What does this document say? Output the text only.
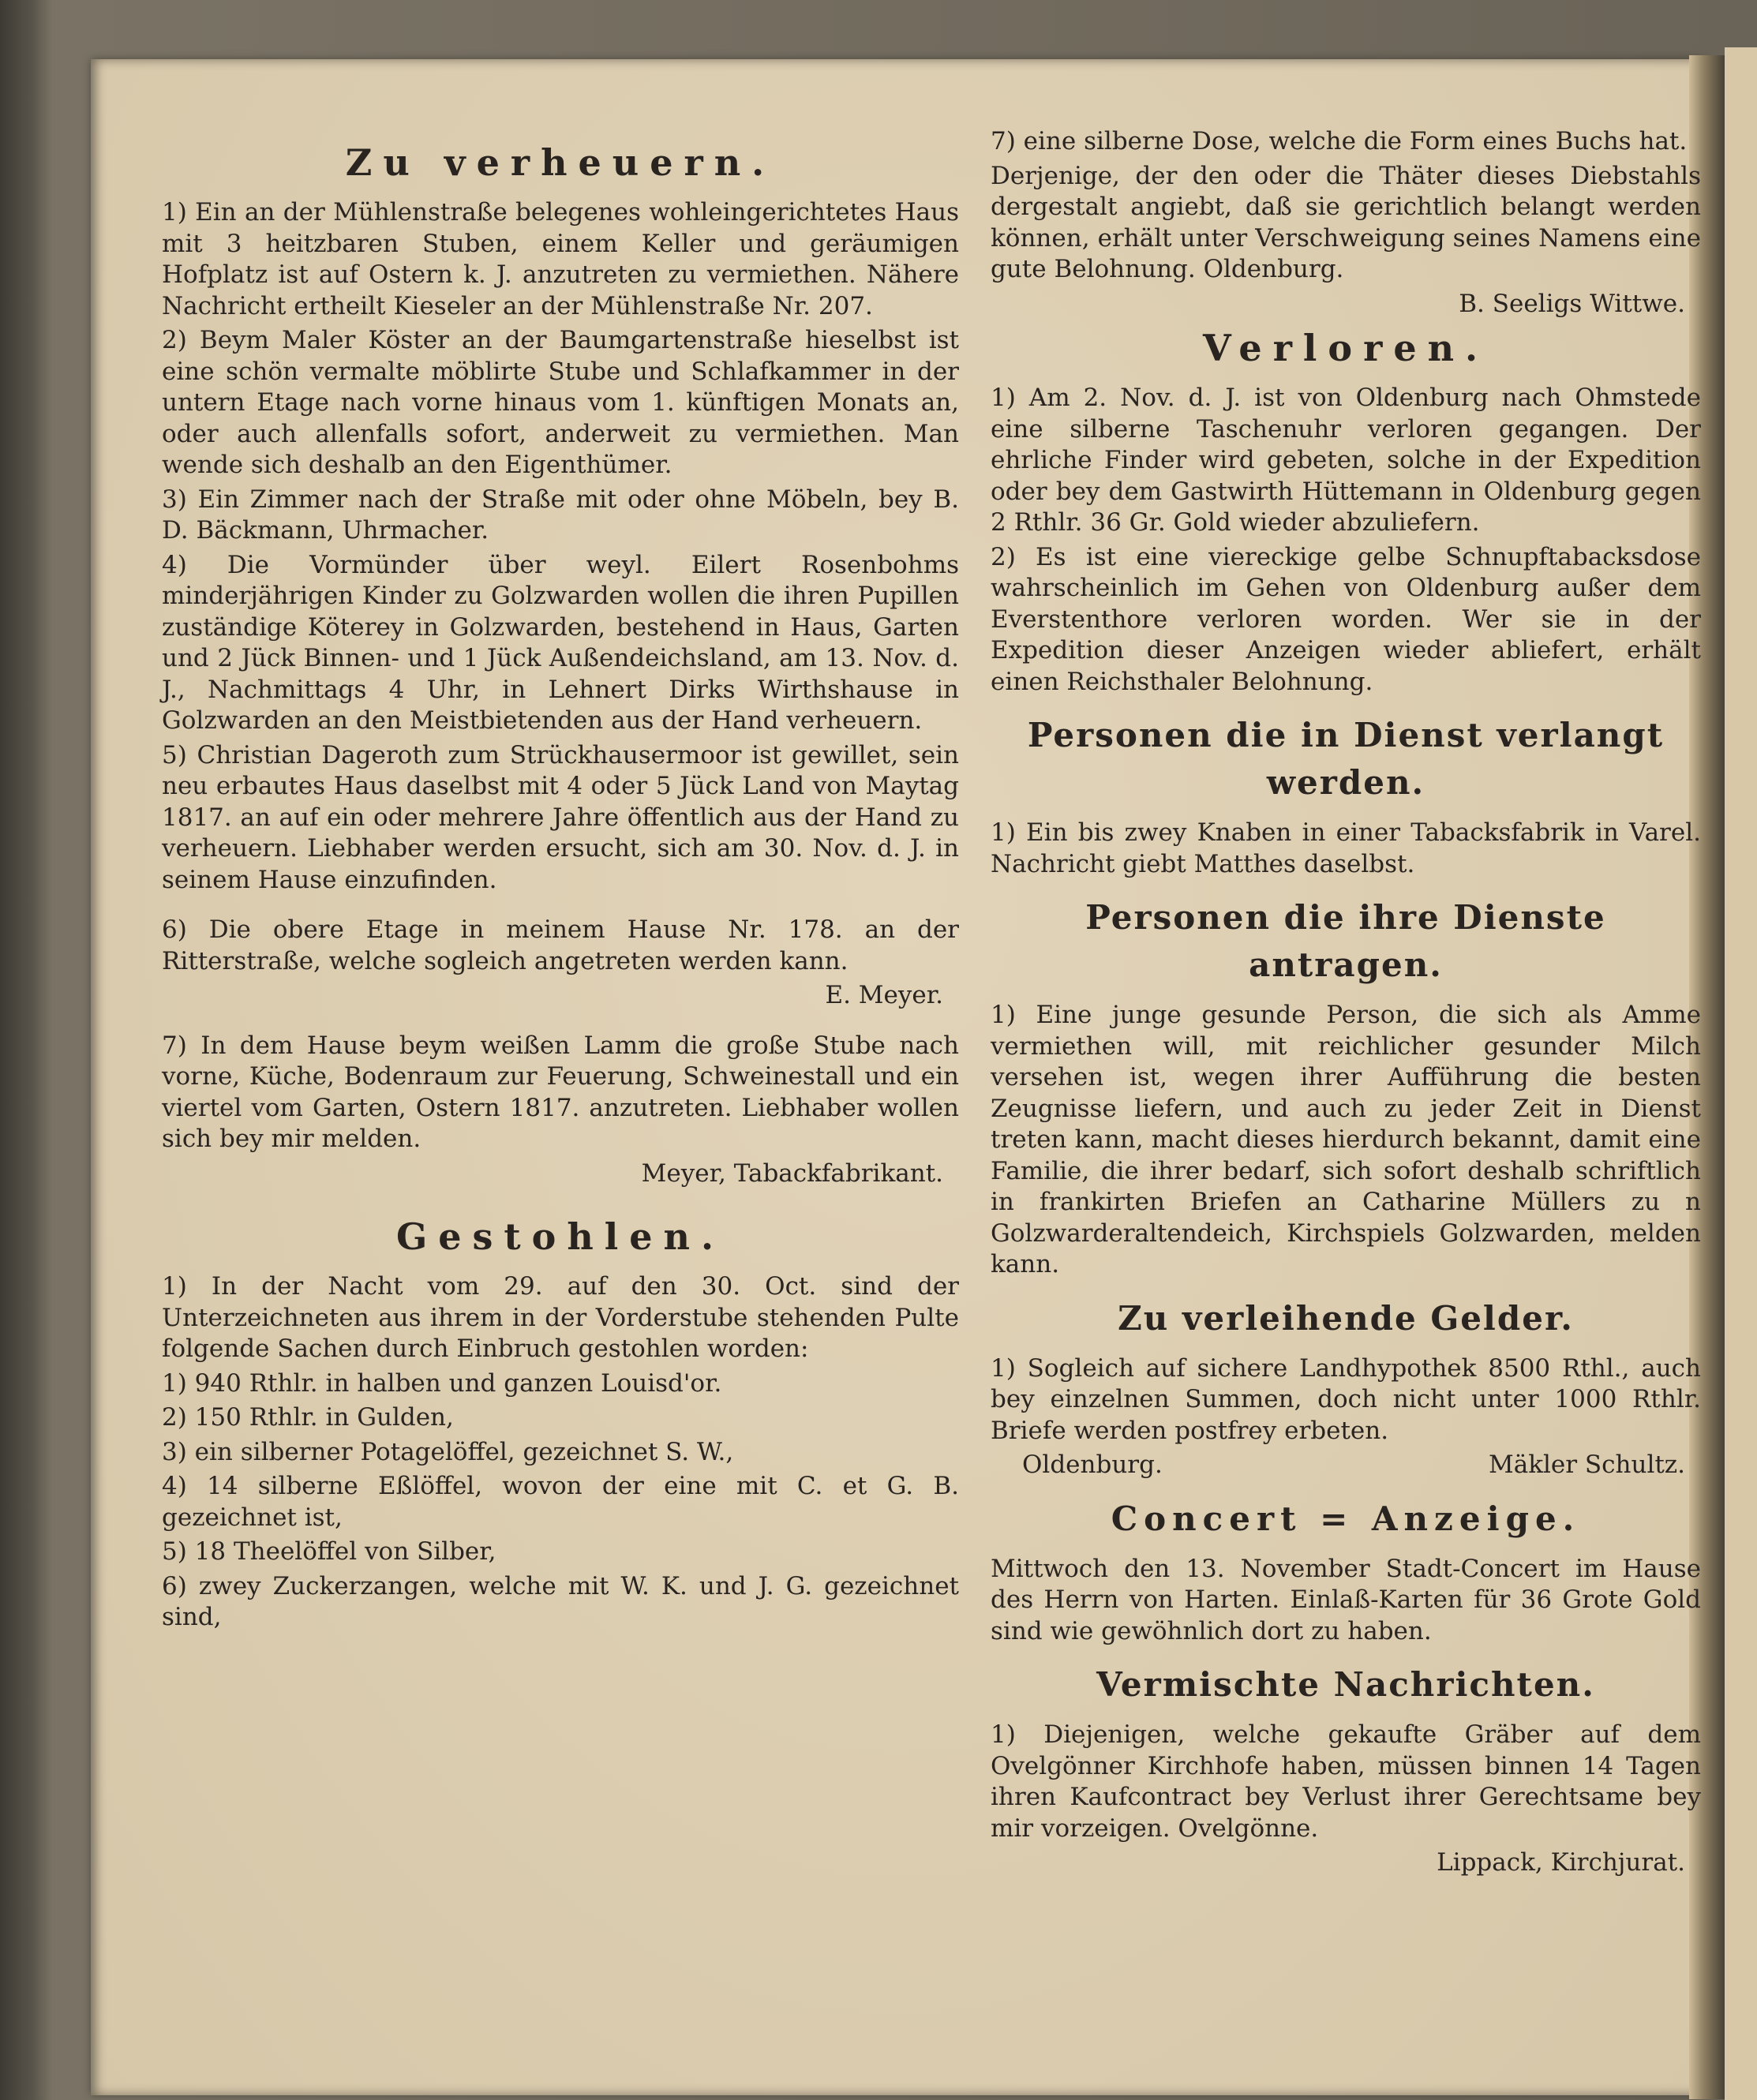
Zu verheuern.
1) Ein an der Mühlenstraße belegenes wohleingerichtetes Haus mit 3 heitzbaren Stuben, einem Keller und geräumigen Hofplatz ist auf Ostern k. J. anzutreten zu vermiethen. Nähere Nachricht ertheilt Kieseler an der Mühlenstraße Nr. 207.
2) Beym Maler Köster an der Baumgartenstraße hieselbst ist eine schön vermalte möblirte Stube und Schlafkammer in der untern Etage nach vorne hinaus vom 1. künftigen Monats an, oder auch allenfalls sofort, anderweit zu vermiethen. Man wende sich deshalb an den Eigenthümer.
3) Ein Zimmer nach der Straße mit oder ohne Möbeln, bey B. D. Bäckmann, Uhrmacher.
4) Die Vormünder über weyl. Eilert Rosenbohms minderjährigen Kinder zu Golzwarden wollen die ihren Pupillen zuständige Köterey in Golzwarden, bestehend in Haus, Garten und 2 Jück Binnen- und 1 Jück Außendeichsland, am 13. Nov. d. J., Nachmittags 4 Uhr, in Lehnert Dirks Wirthshause in Golzwarden an den Meistbietenden aus der Hand verheuern.
5) Christian Dageroth zum Strückhausermoor ist gewillet, sein neu erbautes Haus daselbst mit 4 oder 5 Jück Land von Maytag 1817. an auf ein oder mehrere Jahre öffentlich aus der Hand zu verheuern. Liebhaber werden ersucht, sich am 30. Nov. d. J. in seinem Hause einzufinden.
6) Die obere Etage in meinem Hause Nr. 178. an der Ritterstraße, welche sogleich angetreten werden kann.
E. Meyer.
7) In dem Hause beym weißen Lamm die große Stube nach vorne, Küche, Bodenraum zur Feuerung, Schweinestall und ein viertel vom Garten, Ostern 1817. anzutreten. Liebhaber wollen sich bey mir melden.
Meyer, Tabackfabrikant.
Gestohlen.
1) In der Nacht vom 29. auf den 30. Oct. sind der Unterzeichneten aus ihrem in der Vorderstube stehenden Pulte folgende Sachen durch Einbruch gestohlen worden:
1) 940 Rthlr. in halben und ganzen Louisd'or.
2) 150 Rthlr. in Gulden,
3) ein silberner Potagelöffel, gezeichnet S. W.,
4) 14 silberne Eßlöffel, wovon der eine mit C. et G. B. gezeichnet ist,
5) 18 Theelöffel von Silber,
6) zwey Zuckerzangen, welche mit W. K. und J. G. gezeichnet sind,
7) eine silberne Dose, welche die Form eines Buchs hat.
Derjenige, der den oder die Thäter dieses Diebstahls dergestalt angiebt, daß sie gerichtlich belangt werden können, erhält unter Verschweigung seines Namens eine gute Belohnung. Oldenburg.
B. Seeligs Wittwe.
Verloren.
1) Am 2. Nov. d. J. ist von Oldenburg nach Ohmstede eine silberne Taschenuhr verloren gegangen. Der ehrliche Finder wird gebeten, solche in der Expedition oder bey dem Gastwirth Hüttemann in Oldenburg gegen 2 Rthlr. 36 Gr. Gold wieder abzuliefern.
2) Es ist eine viereckige gelbe Schnupftabacksdose wahrscheinlich im Gehen von Oldenburg außer dem Everstenthore verloren worden. Wer sie in der Expedition dieser Anzeigen wieder abliefert, erhält einen Reichsthaler Belohnung.
Personen die in Dienst verlangt werden.
1) Ein bis zwey Knaben in einer Tabacksfabrik in Varel. Nachricht giebt Matthes daselbst.
Personen die ihre Dienste antragen.
1) Eine junge gesunde Person, die sich als Amme vermiethen will, mit reichlicher gesunder Milch versehen ist, wegen ihrer Aufführung die besten Zeugnisse liefern, und auch zu jeder Zeit in Dienst treten kann, macht dieses hierdurch bekannt, damit eine Familie, die ihrer bedarf, sich sofort deshalb schriftlich in frankirten Briefen an Catharine Müllers zu n Golzwarderaltendeich, Kirchspiels Golzwarden, melden kann.
Zu verleihende Gelder.
1) Sogleich auf sichere Landhypothek 8500 Rthl., auch bey einzelnen Summen, doch nicht unter 1000 Rthlr. Briefe werden postfrey erbeten.
Oldenburg.	Mäkler Schultz.
Concert = Anzeige.
Mittwoch den 13. November Stadt-Concert im Hause des Herrn von Harten. Einlaß-Karten für 36 Grote Gold sind wie gewöhnlich dort zu haben.
Vermischte Nachrichten.
1) Diejenigen, welche gekaufte Gräber auf dem Ovelgönner Kirchhofe haben, müssen binnen 14 Tagen ihren Kaufcontract bey Verlust ihrer Gerechtsame bey mir vorzeigen. Ovelgönne.
Lippack, Kirchjurat.
